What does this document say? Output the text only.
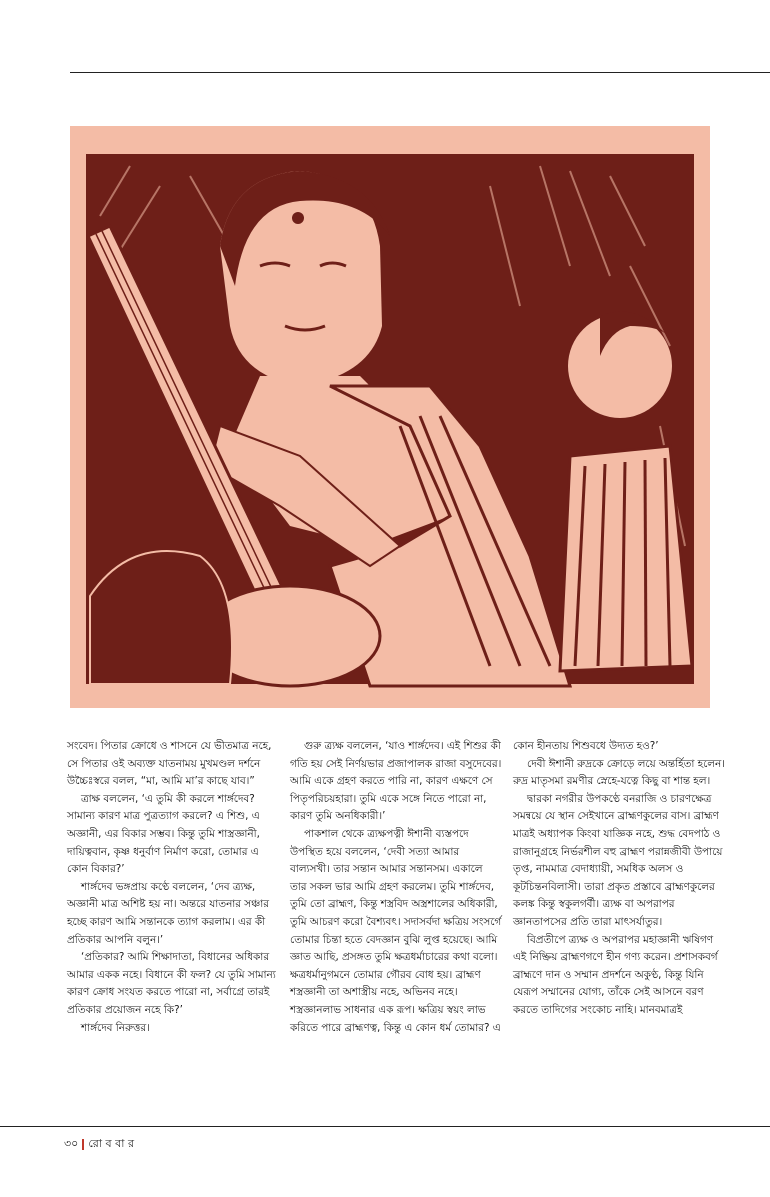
সংবেদ। পিতার ক্রোধে ও শাসনে যে ভীতমাত্র নহে, সে পিতার ওই অব্যক্ত যাতনাময় মুখমণ্ডল দর্শনে উচ্চৈঃস্বরে বলল, “মা, আমি মা’র কাছে যাব।”

ত্রাক্ষ বললেন, ‘এ তুমি কী করলে শার্ঙ্গদেব? সামান্য কারণ মাত্র পুত্রত্যাগ করলে? এ শিশু, এ অজ্ঞানী, এর বিকার সম্ভব। কিন্তু তুমি শাস্ত্রজ্ঞানী, দায়িত্ববান, কৃষ্ণ ধনুর্বাণ নির্মাণ করো, তোমার এ কোন বিকার?’

শার্ঙ্গদেব ভঙ্গপ্রায় কণ্ঠে বললেন, ‘দেব ত্র্যক্ষ, অজ্ঞানী মাত্র অশিষ্ট হয় না। অন্তরে যাতনার সঞ্চার হচ্ছে কারণ আমি সন্তানকে ত্যাগ করলাম। এর কী প্রতিকার আপনি বলুন।’

‘প্রতিকার? আমি শিক্ষাদাতা, বিধানের অধিকার আমার একক নহে। বিধানে কী ফল? যে তুমি সামান্য কারণ ক্রোধ সংযত করতে পারো না, সর্বাগ্রে তারই প্রতিকার প্রয়োজন নহে কি?’

শার্ঙ্গদেব নিরুত্তর।

গুরু ত্র্যক্ষ বললেন, ‘যাও শার্ঙ্গদেব। এই শিশুর কী গতি হয় সেই নির্ণয়ভার প্রজাপালক রাজা বসুদেবের। আমি একে গ্রহণ করতে পারি না, কারণ এক্ষণে সে পিতৃপরিচয়হারা। তুমি একে সঙ্গে নিতে পারো না, কারণ তুমি অনধিকারী।’

পাকশাল থেকে ত্র্যক্ষপত্নী ঈশানী ব্যস্তপদে উপস্থিত হয়ে বললেন, ‘দেবী সত্যা আমার বাল্যসখী। তার সন্তান আমার সন্তানসম। একালে তার সকল ভার আমি গ্রহণ করলেম। তুমি শার্ঙ্গদেব, তুমি তো ব্রাহ্মণ, কিন্তু শস্ত্রবিদ অস্ত্রশালের অধিকারী, তুমি আচরণ করো বৈশ্যবৎ। সদাসর্বদা ক্ষত্রিয় সংসর্গে তোমার চিন্তা হতে বেদজ্ঞান বুঝি লুপ্ত হয়েছে। আমি জ্ঞাত আছি, প্রসঙ্গত তুমি ক্ষত্রধর্মাচারের কথা বলো। ক্ষত্রধর্মানুগমনে তোমার গৌরব বোধ হয়। ব্রাহ্মণ শস্ত্রজ্ঞানী তা অশাস্ত্রীয় নহে, অভিনব নহে। শস্ত্রজ্ঞানলাভ সাধনার এক রূপ। ক্ষত্রিয় স্বয়ং লাভ করিতে পারে ব্রাহ্মণত্ব, কিন্তু এ কোন ধর্ম তোমার? এ

কোন হীনতায় শিশুবধে উদ্যত হও?’

দেবী ঈশানী রুদ্রকে ক্রোড়ে লয়ে অন্তর্হিতা হলেন। রুদ্র মাতৃসমা রমণীর স্নেহে-যত্নে কিছু বা শান্ত হল।

দ্বারকা নগরীর উপকণ্ঠে বনরাজি ও চারণক্ষেত্র সমন্বয়ে যে স্থান সেইখানে ব্রাহ্মণকুলের বাস। ব্রাহ্মণ মাত্রই অধ্যাপক কিংবা যাজ্ঞিক নহে, শুদ্ধ বেদপাঠ ও রাজানুগ্রহে নির্ভরশীল বহু ব্রাহ্মণ পরান্নজীবী উপায়ে তৃপ্ত, নামমাত্র বেদাধ্যায়ী, সমধিক অলস ও কূটচিন্তনবিলাসী। তারা প্রকৃত প্রস্তাবে ব্রাহ্মণকুলের কলঙ্ক কিন্তু স্বকুলগর্বী। ত্র্যক্ষ বা অপরাপর জ্ঞানতাপসের প্রতি তারা মাৎসর্যাতুর।

বিপ্রতীপে ত্র্যক্ষ ও অপরাপর মহাজ্ঞানী ঋষিগণ এই নিষ্ক্রিয় ব্রাহ্মণগণে হীন গণ্য করেন। প্রশাসকবর্গ ব্রাহ্মণে দান ও সম্মান প্রদর্শনে অকুণ্ঠ, কিন্তু যিনি যেরূপ সম্মানের যোগ্য, তাঁকে সেই আসনে বরণ করতে তাদিগের সংকোচ নাহি। মানবমাত্রই

৩০ রো ব বা র
